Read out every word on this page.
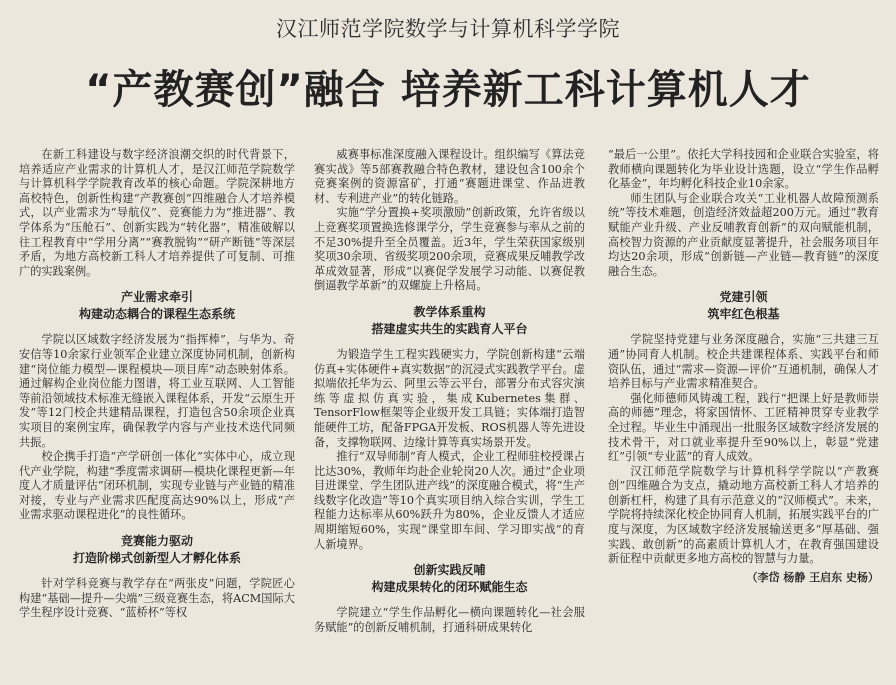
汉江师范学院数学与计算机科学学院
“产教赛创”融合 培养新工科计算机人才

在新工科建设与数字经济浪潮交织的时代背景下，培养适应产业需求的计算机人才，是汉江师范学院数学与计算机科学学院教育改革的核心命题。学院深耕地方高校特色，创新性构建“产教赛创”四维融合人才培养模式，以产业需求为“导航仪”、竞赛能力为“推进器”、教学体系为“压舱石”、创新实践为“转化器”，精准破解以往工程教育中“学用分离”“赛教脱钩”“研产断链”等深层矛盾，为地方高校新工科人才培养提供了可复制、可推广的实践案例。

产业需求牵引
构建动态耦合的课程生态系统

学院以区域数字经济发展为“指挥棒”，与华为、奇安信等10余家行业领军企业建立深度协同机制，创新构建“岗位能力模型—课程模块—项目库”动态映射体系。通过解构企业岗位能力图谱，将工业互联网、人工智能等前沿领域技术标准无缝嵌入课程体系，开发“云原生开发”等12门校企共建精品课程，打造包含50余项企业真实项目的案例宝库，确保教学内容与产业技术迭代同频共振。

校企携手打造“产学研创一体化”实体中心，成立现代产业学院，构建“季度需求调研—模块化课程更新—年度人才质量评估”闭环机制，实现专业链与产业链的精准对接，专业与产业需求匹配度高达90%以上，形成“产业需求驱动课程进化”的良性循环。

竞赛能力驱动
打造阶梯式创新型人才孵化体系

针对学科竞赛与教学存在“两张皮”问题，学院匠心构建“基础—提升—尖端”三级竞赛生态，将ACM国际大学生程序设计竞赛、“蓝桥杯”等权

威赛事标准深度融入课程设计。组织编写《算法竞赛实战》等5部赛教融合特色教材，建设包含100余个竞赛案例的资源富矿，打通“赛题进课堂、作品进教材、专利进产业”的转化链路。

实施“学分置换+奖项激励”创新政策，允许省级以上竞赛奖项置换选修课学分，学生竞赛参与率从之前的不足30%提升至全员覆盖。近3年，学生荣获国家级别奖项30余项、省级奖项200余项，竞赛成果反哺教学改革成效显著，形成“以赛促学发展学习动能、以赛促教倒逼教学革新”的双螺旋上升格局。

教学体系重构
搭建虚实共生的实践育人平台

为锻造学生工程实践硬实力，学院创新构建“云端仿真+实体硬件+真实数据”的沉浸式实践教学平台。虚拟端依托华为云、阿里云等云平台，部署分布式容灾演练等虚拟仿真实验，集成Kubernetes集群、TensorFlow框架等企业级开发工具链；实体端打造智能硬件工坊，配备FPGA开发板、ROS机器人等先进设备，支撑物联网、边缘计算等真实场景开发。

推行“双导师制”育人模式，企业工程师驻校授课占比达30%，教师年均赴企业轮岗20人次。通过“企业项目进课堂、学生团队进产线”的深度融合模式，将“生产线数字化改造”等10个真实项目纳入综合实训，学生工程能力达标率从60%跃升为80%，企业反馈人才适应周期缩短60%，实现“课堂即车间、学习即实战”的育人新境界。

创新实践反哺
构建成果转化的闭环赋能生态

学院建立“学生作品孵化—横向课题转化—社会服务赋能”的创新反哺机制，打通科研成果转化

“最后一公里”。依托大学科技园和企业联合实验室，将教师横向课题转化为毕业设计选题，设立“学生作品孵化基金”，年均孵化科技企业10余家。

师生团队与企业联合攻关“工业机器人故障预测系统”等技术难题，创造经济效益超200万元。通过“教育赋能产业升级、产业反哺教育创新”的双向赋能机制，高校智力资源的产业贡献度显著提升，社会服务项目年均达20余项，形成“创新链—产业链—教育链”的深度融合生态。

党建引领
筑牢红色根基

学院坚持党建与业务深度融合，实施“三共建三互通”协同育人机制。校企共建课程体系、实践平台和师资队伍，通过“需求—资源—评价”互通机制，确保人才培养目标与产业需求精准契合。

强化师德师风铸魂工程，践行“把课上好是教师崇高的师德”理念，将家国情怀、工匠精神贯穿专业教学全过程。毕业生中涌现出一批服务区域数字经济发展的技术骨干，对口就业率提升至90%以上，彰显“党建红”引领“专业蓝”的育人成效。

汉江师范学院数学与计算机科学学院以“产教赛创”四维融合为支点，撬动地方高校新工科人才培养的创新杠杆，构建了具有示范意义的“汉师模式”。未来，学院将持续深化校企协同育人机制，拓展实践平台的广度与深度，为区域数字经济发展输送更多“厚基础、强实践、敢创新”的高素质计算机人才，在教育强国建设新征程中贡献更多地方高校的智慧与力量。

（李岱 杨静 王启东 史杨）
